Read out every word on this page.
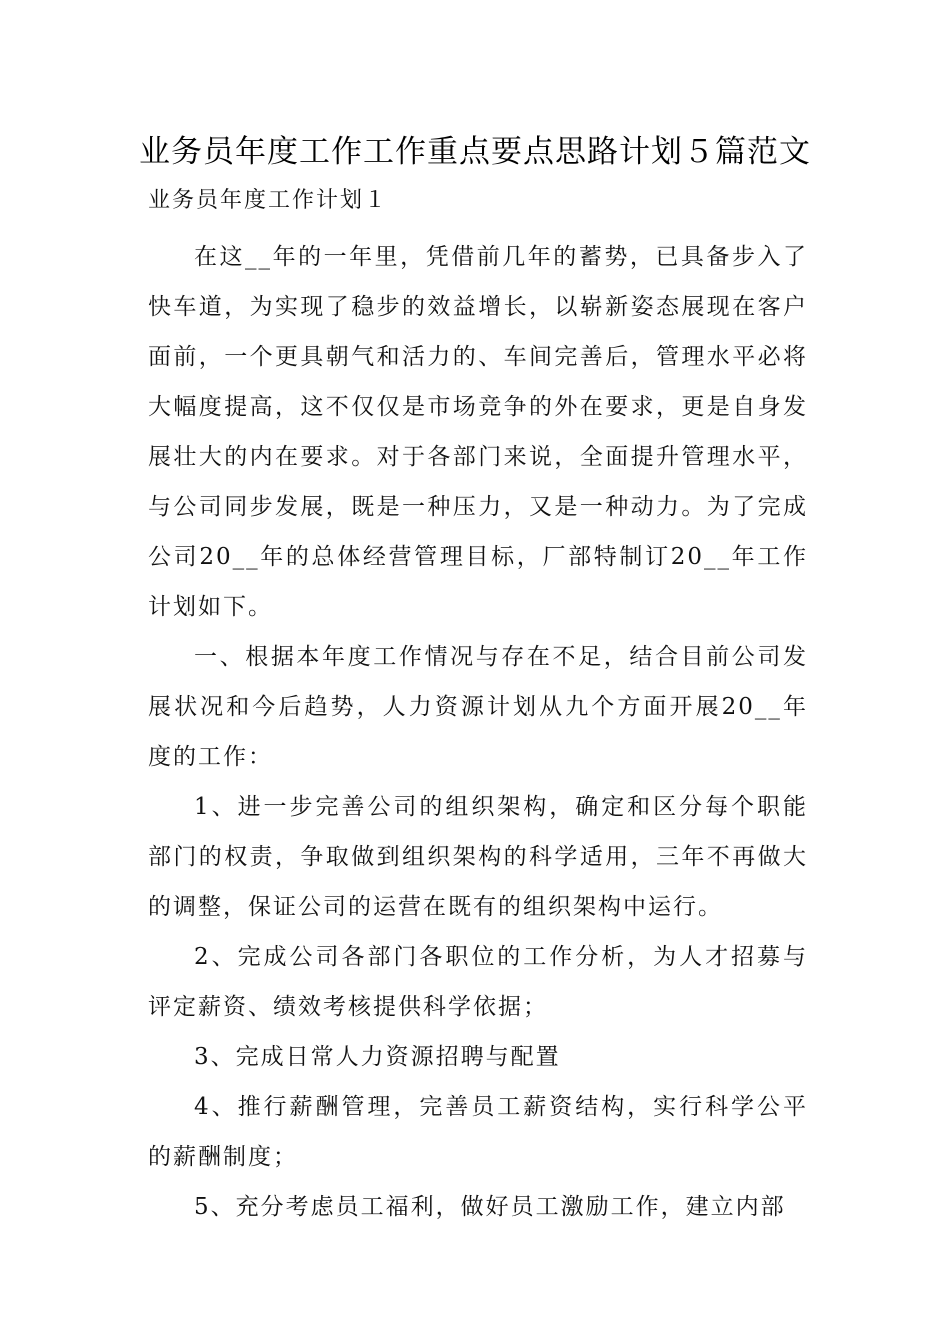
业务员年度工作工作重点要点思路计划５篇范文
业务员年度工作计划１

在这__年的一年里，凭借前几年的蓄势，已具备步入了快车道，为实现了稳步的效益增长，以崭新姿态展现在客户面前，一个更具朝气和活力的、车间完善后，管理水平必将大幅度提高，这不仅仅是市场竞争的外在要求，更是自身发展壮大的内在要求。对于各部门来说，全面提升管理水平，与公司同步发展，既是一种压力，又是一种动力。为了完成公司20__年的总体经营管理目标，厂部特制订20__年工作计划如下。

一、根据本年度工作情况与存在不足，结合目前公司发展状况和今后趋势，人力资源计划从九个方面开展20__年度的工作：

1、进一步完善公司的组织架构，确定和区分每个职能部门的权责，争取做到组织架构的科学适用，三年不再做大的调整，保证公司的运营在既有的组织架构中运行。

2、完成公司各部门各职位的工作分析，为人才招募与评定薪资、绩效考核提供科学依据；

3、完成日常人力资源招聘与配置

4、推行薪酬管理，完善员工薪资结构，实行科学公平的薪酬制度；

5、充分考虑员工福利，做好员工激励工作，建立内部
